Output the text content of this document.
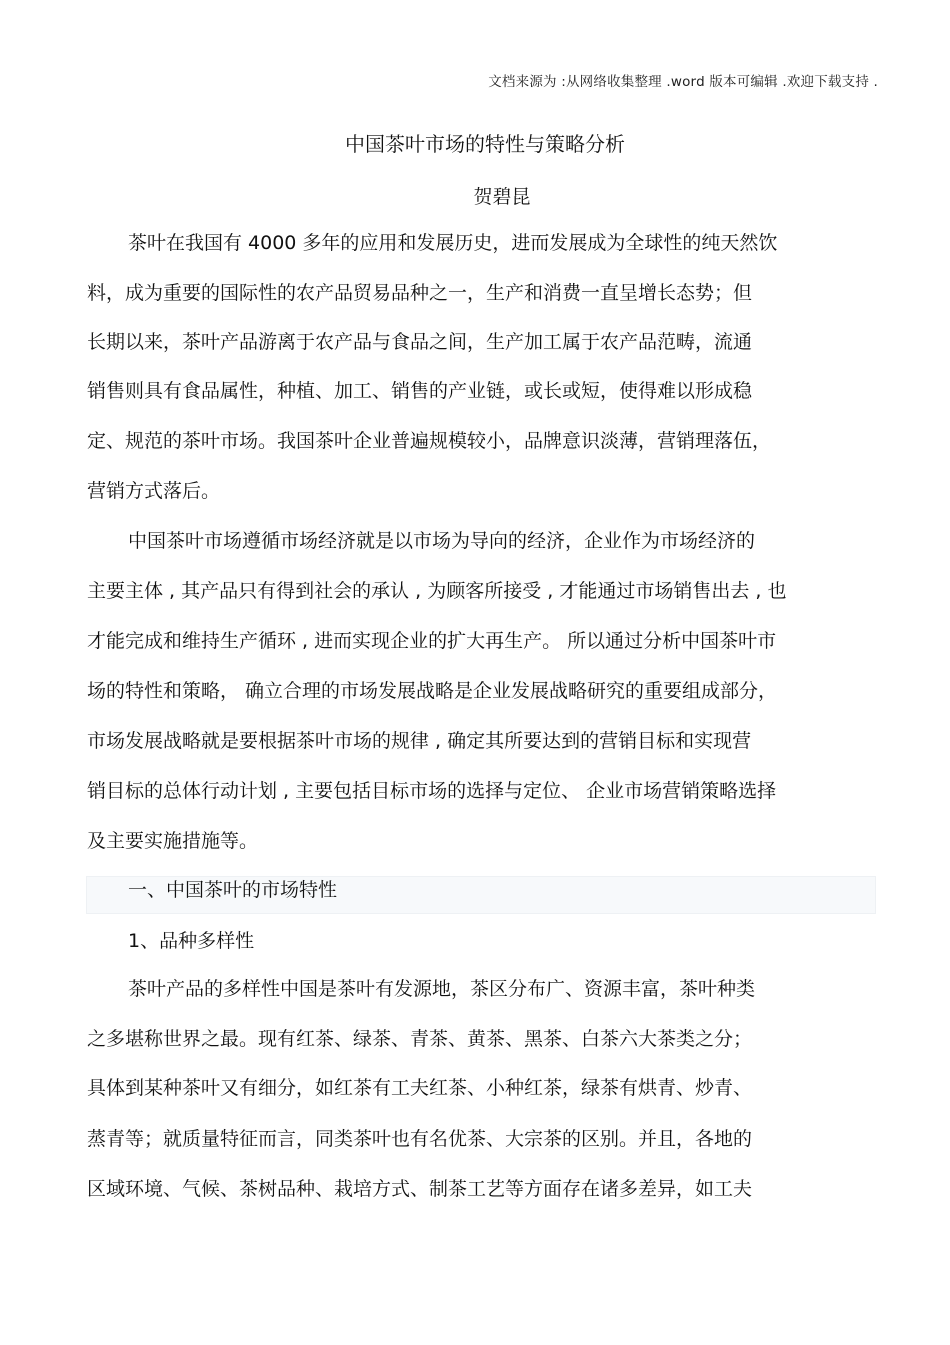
文档来源为 :从网络收集整理 .word 版本可编辑 .欢迎下载支持 .
中国茶叶市场的特性与策略分析
贺碧昆
茶叶在我国有 4000 多年的应用和发展历史，进而发展成为全球性的纯天然饮
料，成为重要的国际性的农产品贸易品种之一，生产和消费一直呈增长态势；但
长期以来，茶叶产品游离于农产品与食品之间，生产加工属于农产品范畴，流通
销售则具有食品属性，种植、加工、销售的产业链，或长或短，使得难以形成稳
定、规范的茶叶市场。我国茶叶企业普遍规模较小，品牌意识淡薄，营销理落伍，
营销方式落后。
中国茶叶市场遵循市场经济就是以市场为导向的经济，企业作为市场经济的
主要主体 , 其产品只有得到社会的承认 , 为顾客所接受 , 才能通过市场销售出去 , 也
才能完成和维持生产循环 , 进而实现企业的扩大再生产。 所以通过分析中国茶叶市
场的特性和策略， 确立合理的市场发展战略是企业发展战略研究的重要组成部分，
市场发展战略就是要根据茶叶市场的规律 , 确定其所要达到的营销目标和实现营
销目标的总体行动计划 , 主要包括目标市场的选择与定位、 企业市场营销策略选择
及主要实施措施等。
一、中国茶叶的市场特性
1、品种多样性
茶叶产品的多样性中国是茶叶有发源地，茶区分布广、资源丰富，茶叶种类
之多堪称世界之最。现有红茶、绿茶、青茶、黄茶、黑茶、白茶六大茶类之分；
具体到某种茶叶又有细分，如红茶有工夫红茶、小种红茶，绿茶有烘青、炒青、
蒸青等；就质量特征而言，同类茶叶也有名优茶、大宗茶的区别。并且，各地的
区域环境、气候、茶树品种、栽培方式、制茶工艺等方面存在诸多差异，如工夫
